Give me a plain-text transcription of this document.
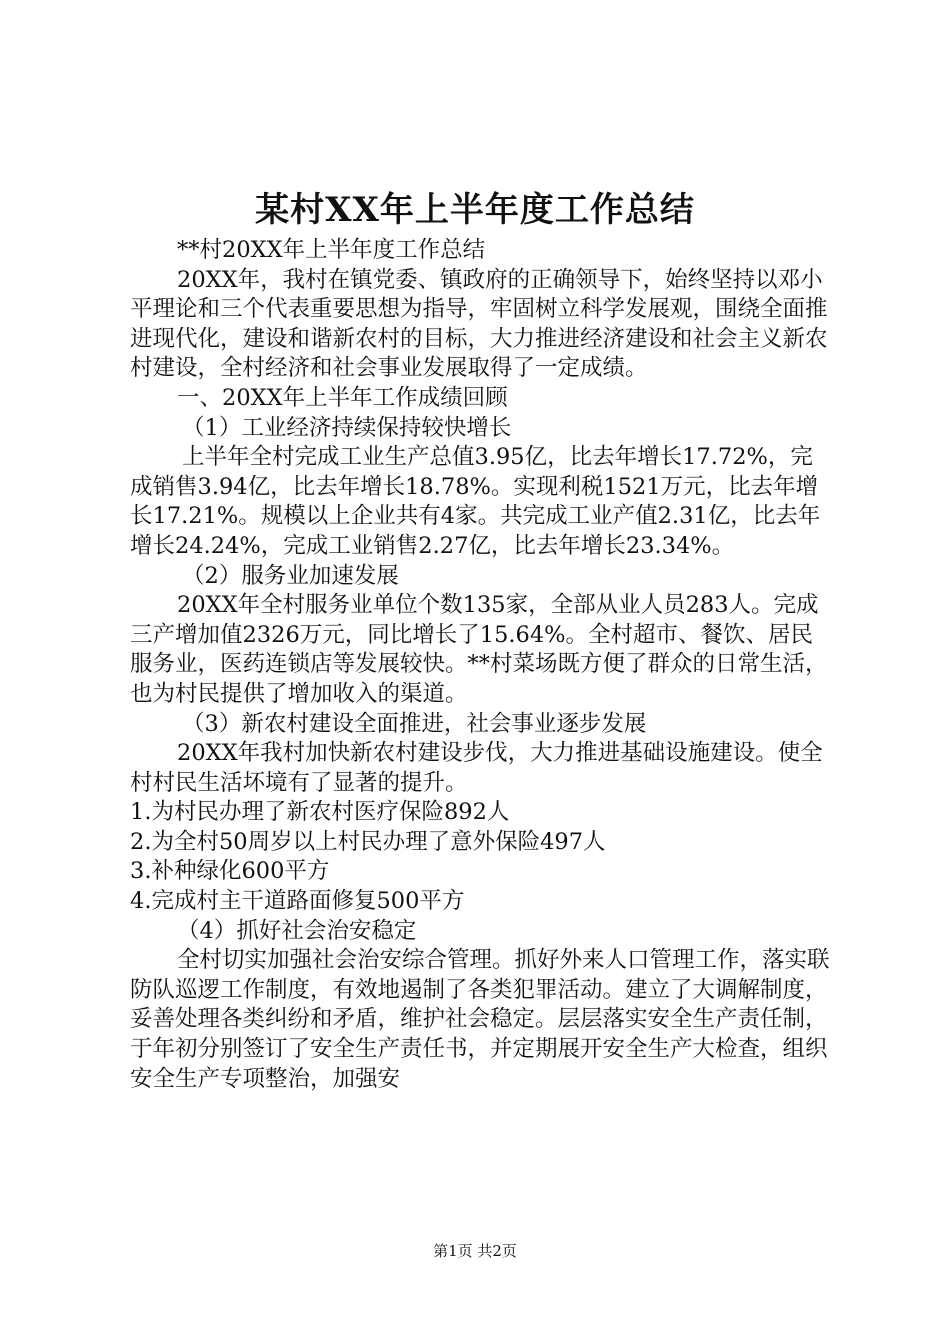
某村XX年上半年度工作总结

**村20XX年上半年度工作总结

20XX年，我村在镇党委、镇政府的正确领导下，始终坚持以邓小平理论和三个代表重要思想为指导，牢固树立科学发展观，围绕全面推进现代化，建设和谐新农村的目标，大力推进经济建设和社会主义新农村建设，全村经济和社会事业发展取得了一定成绩。

一、20XX年上半年工作成绩回顾

（1）工业经济持续保持较快增长

上半年全村完成工业生产总值3.95亿，比去年增长17.72%，完成销售3.94亿，比去年增长18.78%。实现利税1521万元，比去年增长17.21%。规模以上企业共有4家。共完成工业产值2.31亿，比去年增长24.24%，完成工业销售2.27亿，比去年增长23.34%。

（2）服务业加速发展

20XX年全村服务业单位个数135家，全部从业人员283人。完成三产增加值2326万元，同比增长了15.64%。全村超市、餐饮、居民服务业，医药连锁店等发展较快。**村菜场既方便了群众的日常生活，也为村民提供了增加收入的渠道。

（3）新农村建设全面推进，社会事业逐步发展

20XX年我村加快新农村建设步伐，大力推进基础设施建设。使全村村民生活坏境有了显著的提升。

1.为村民办理了新农村医疗保险892人

2.为全村50周岁以上村民办理了意外保险497人

3.补种绿化600平方

4.完成村主干道路面修复500平方

（4）抓好社会治安稳定

全村切实加强社会治安综合管理。抓好外来人口管理工作，落实联防队巡逻工作制度，有效地遏制了各类犯罪活动。建立了大调解制度，妥善处理各类纠纷和矛盾，维护社会稳定。层层落实安全生产责任制，于年初分别签订了安全生产责任书，并定期展开安全生产大检查，组织安全生产专项整治，加强安

第1页 共2页
